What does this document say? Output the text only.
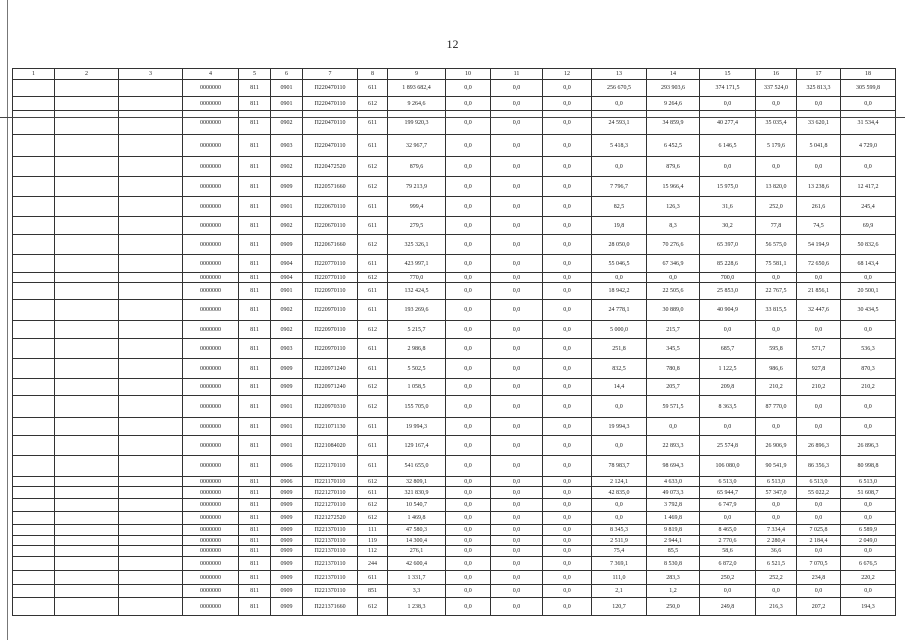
12
1	2	3	4	5	6	7	8	9	10	11	12	13	14	15	16	17	18
			0000000	811	0901	П220470110	611	1 893 682,4	0,0	0,0	0,0	256 670,5	293 903,6	374 171,5	337 524,0	325 813,3	305 599,8
			0000000	811	0901	П220470110	612	9 264,6	0,0	0,0	0,0	0,0	9 264,6	0,0	0,0	0,0	0,0
			0000000	811	0902	П220470110	611	199 920,3	0,0	0,0	0,0	24 593,1	34 859,9	40 277,4	35 035,4	33 620,1	31 534,4
			0000000	811	0903	П220470110	611	32 967,7	0,0	0,0	0,0	5 418,3	6 452,5	6 146,5	5 179,6	5 041,8	4 729,0
			0000000	811	0902	П220472520	612	879,6	0,0	0,0	0,0	0,0	879,6	0,0	0,0	0,0	0,0
			0000000	811	0909	П220571660	612	79 213,9	0,0	0,0	0,0	7 796,7	15 966,4	15 975,0	13 820,0	13 238,6	12 417,2
			0000000	811	0901	П220670110	611	999,4	0,0	0,0	0,0	82,5	126,3	31,6	252,0	261,6	245,4
			0000000	811	0902	П220670110	611	279,5	0,0	0,0	0,0	19,8	8,3	30,2	77,8	74,5	69,9
			0000000	811	0909	П220671660	612	325 326,1	0,0	0,0	0,0	28 050,0	70 276,6	65 397,0	56 575,0	54 194,9	50 832,6
			0000000	811	0904	П220770110	611	423 997,1	0,0	0,0	0,0	55 046,5	67 346,9	85 228,6	75 581,1	72 650,6	68 143,4
			0000000	811	0904	П220770110	612	770,0	0,0	0,0	0,0	0,0	0,0	700,0	0,0	0,0	0,0
			0000000	811	0901	П220970110	611	132 424,5	0,0	0,0	0,0	18 942,2	22 505,6	25 853,0	22 767,5	21 856,1	20 500,1
			0000000	811	0902	П220970110	611	193 269,6	0,0	0,0	0,0	24 778,1	30 889,0	40 904,9	33 815,5	32 447,6	30 434,5
			0000000	811	0902	П220970110	612	5 215,7	0,0	0,0	0,0	5 000,0	215,7	0,0	0,0	0,0	0,0
			0000000	811	0903	П220970110	611	2 986,8	0,0	0,0	0,0	251,8	345,5	685,7	595,8	571,7	536,3
			0000000	811	0909	П220971240	611	5 502,5	0,0	0,0	0,0	832,5	780,8	1 122,5	986,6	927,8	870,3
			0000000	811	0909	П220971240	612	1 058,5	0,0	0,0	0,0	14,4	205,7	209,8	210,2	210,2	210,2
			0000000	811	0901	П220970310	612	155 705,0	0,0	0,0	0,0	0,0	59 571,5	8 363,5	87 770,0	0,0	0,0
			0000000	811	0901	П221071130	611	19 994,3	0,0	0,0	0,0	19 994,3	0,0	0,0	0,0	0,0	0,0
			0000000	811	0901	П221084020	611	129 167,4	0,0	0,0	0,0	0,0	22 893,3	25 574,8	26 906,9	26 896,3	26 896,3
			0000000	811	0906	П221170110	611	541 655,0	0,0	0,0	0,0	78 983,7	98 694,3	106 080,0	90 541,9	86 356,3	80 998,8
			0000000	811	0906	П221170110	612	32 809,1	0,0	0,0	0,0	2 124,1	4 633,0	6 513,0	6 513,0	6 513,0	6 513,0
			0000000	811	0909	П221270110	611	321 830,9	0,0	0,0	0,0	42 835,0	49 073,3	65 944,7	57 347,0	55 022,2	51 608,7
			0000000	811	0909	П221270110	612	10 540,7	0,0	0,0	0,0	0,0	3 792,8	6 747,9	0,0	0,0	0,0
			0000000	811	0909	П221272520	612	1 469,8	0,0	0,0	0,0	0,0	1 469,8	0,0	0,0	0,0	0,0
			0000000	811	0909	П221370110	111	47 580,3	0,0	0,0	0,0	8 345,3	9 819,8	8 465,0	7 334,4	7 025,8	6 589,9
			0000000	811	0909	П221370110	119	14 300,4	0,0	0,0	0,0	2 511,9	2 944,1	2 770,6	2 280,4	2 184,4	2 049,0
			0000000	811	0909	П221370110	112	276,1	0,0	0,0	0,0	75,4	85,5	58,6	36,6	0,0	0,0
			0000000	811	0909	П221370110	244	42 600,4	0,0	0,0	0,0	7 369,1	8 530,8	6 872,0	6 521,5	7 070,5	6 676,5
			0000000	811	0909	П221370110	611	1 331,7	0,0	0,0	0,0	111,0	283,3	250,2	252,2	234,8	220,2
			0000000	811	0909	П221370110	851	3,3	0,0	0,0	0,0	2,1	1,2	0,0	0,0	0,0	0,0
			0000000	811	0909	П221371660	612	1 238,3	0,0	0,0	0,0	120,7	250,0	249,8	216,3	207,2	194,3
